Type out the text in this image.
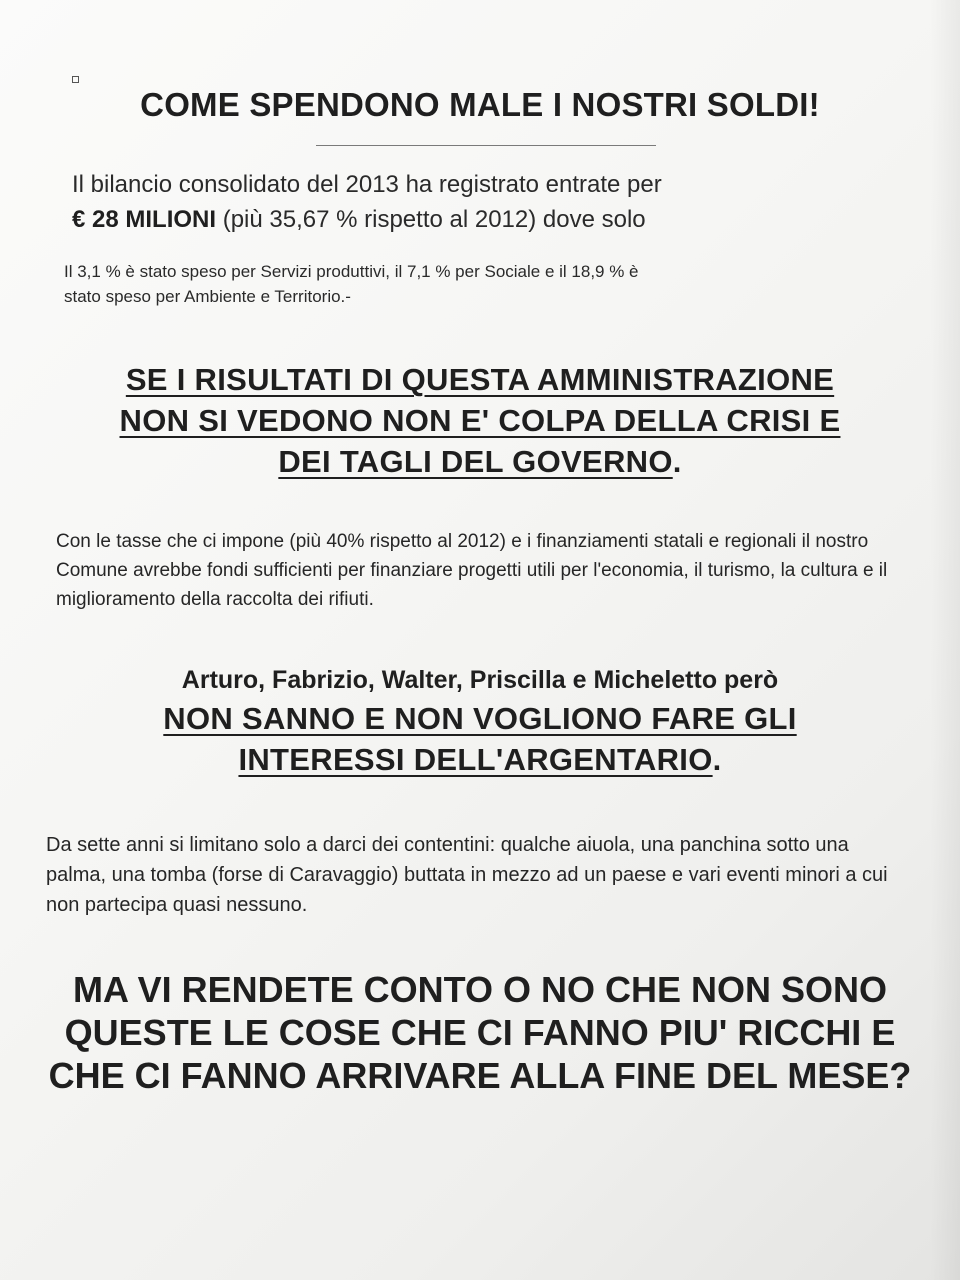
COME SPENDONO MALE I NOSTRI SOLDI!

Il bilancio consolidato del 2013 ha registrato entrate per

€ 28 MILIONI (più 35,67 % rispetto al 2012) dove solo

Il 3,1 % è stato speso per Servizi produttivi, il 7,1 % per Sociale e il 18,9 % è

stato speso per Ambiente e Territorio.-

SE I RISULTATI DI QUESTA AMMINISTRAZIONE
NON SI VEDONO NON E' COLPA DELLA CRISI E
DEI TAGLI DEL GOVERNO.

Con le tasse che ci impone (più 40% rispetto al 2012) e i finanziamenti statali e regionali il nostro Comune avrebbe fondi sufficienti per finanziare progetti utili per l'economia, il turismo, la cultura e il miglioramento della raccolta dei rifiuti.

Arturo, Fabrizio, Walter, Priscilla e Micheletto però

NON SANNO E NON VOGLIONO FARE GLI
INTERESSI DELL'ARGENTARIO.

Da sette anni si limitano solo a darci dei contentini: qualche aiuola, una panchina sotto una palma, una tomba (forse di Caravaggio) buttata in mezzo ad un paese e vari eventi minori a cui non partecipa quasi nessuno.

MA VI RENDETE CONTO O NO CHE NON SONO QUESTE LE COSE CHE CI FANNO PIU' RICCHI E CHE CI FANNO ARRIVARE ALLA FINE DEL MESE?
